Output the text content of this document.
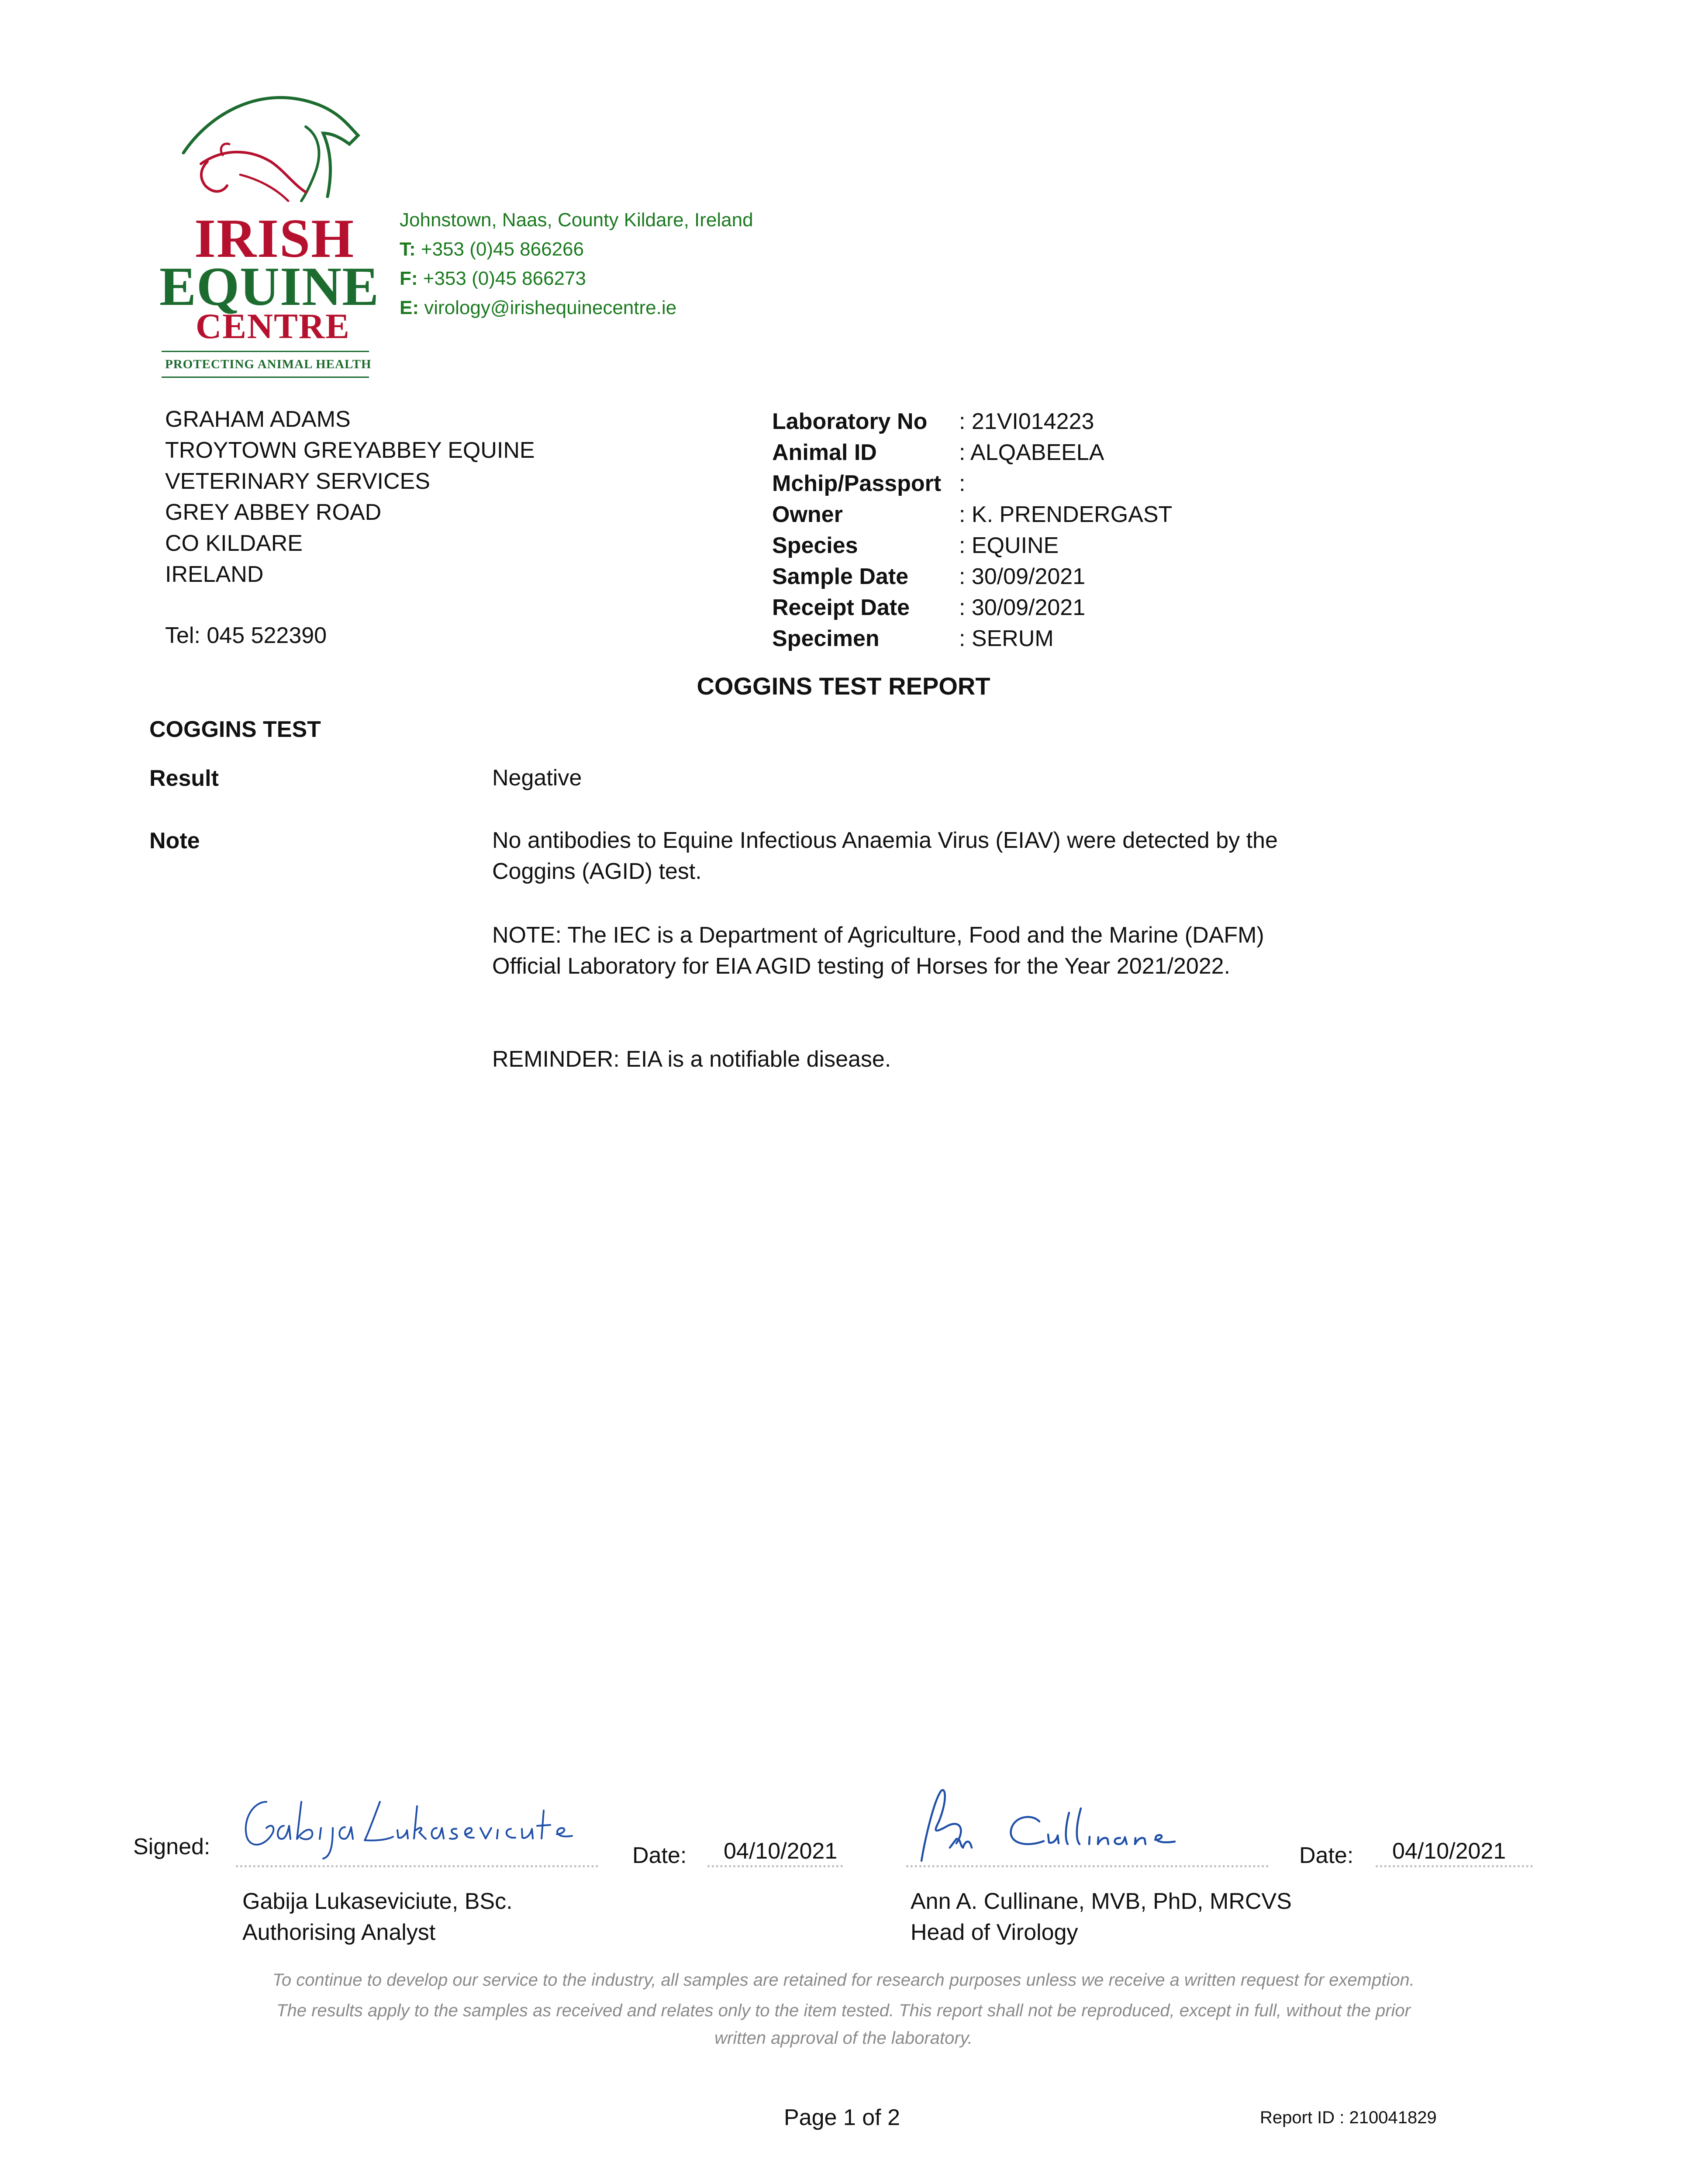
IRISH
EQUINE
CENTRE
PROTECTING ANIMAL HEALTH
Johnstown, Naas, County Kildare, Ireland
T: +353 (0)45 866266
F: +353 (0)45 866273
E: virology@irishequinecentre.ie
GRAHAM ADAMS
TROYTOWN GREYABBEY EQUINE
VETERINARY SERVICES
GREY ABBEY ROAD
CO KILDARE
IRELAND
Tel: 045 522390
Laboratory No	: 21VI014223
Animal ID	: ALQABEELA
Mchip/Passport :
Owner	: K. PRENDERGAST
Species	: EQUINE
Sample Date	: 30/09/2021
Receipt Date	: 30/09/2021
Specimen	: SERUM
COGGINS TEST REPORT
COGGINS TEST
Result	Negative
Note	No antibodies to Equine Infectious Anaemia Virus (EIAV) were detected by the Coggins (AGID) test.
NOTE: The IEC is a Department of Agriculture, Food and the Marine (DAFM) Official Laboratory for EIA AGID testing of Horses for the Year 2021/2022.
REMINDER: EIA is a notifiable disease.
Signed:	Date: 04/10/2021
Gabija Lukaseviciute, BSc.
Authorising Analyst
Date: 04/10/2021
Ann A. Cullinane, MVB, PhD, MRCVS
Head of Virology
To continue to develop our service to the industry, all samples are retained for research purposes unless we receive a written request for exemption.
The results apply to the samples as received and relates only to the item tested. This report shall not be reproduced, except in full, without the prior
written approval of the laboratory.
Page 1 of 2	Report ID : 210041829
